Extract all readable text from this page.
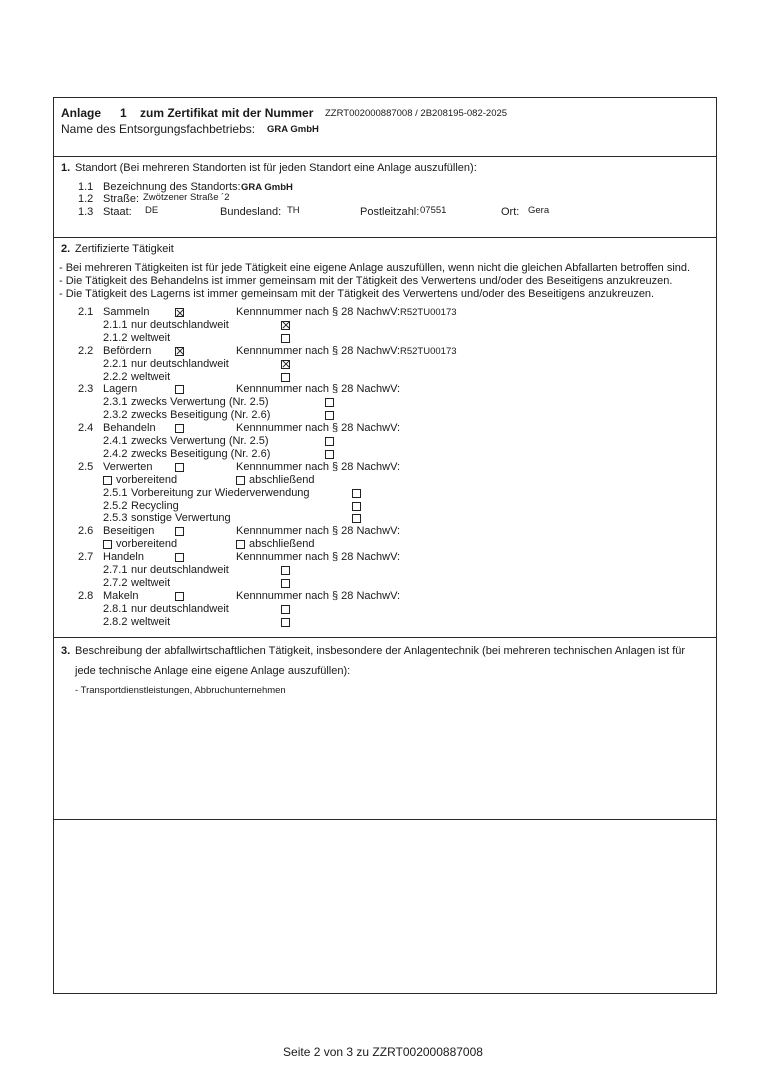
Anlage 1 zum Zertifikat mit der Nummer ZZRT002000887008 / 2B208195-082-2025
Name des Entsorgungsfachbetriebs: GRA GmbH
1. Standort (Bei mehreren Standorten ist für jeden Standort eine Anlage auszufüllen):
1.1 Bezeichnung des Standorts: GRA GmbH
1.2 Straße: Zwötzener Straße ´2
1.3 Staat: DE	Bundesland: TH	Postleitzahl: 07551	Ort: Gera
2. Zertifizierte Tätigkeit
- Bei mehreren Tätigkeiten ist für jede Tätigkeit eine eigene Anlage auszufüllen, wenn nicht die gleichen Abfallarten betroffen sind.
- Die Tätigkeit des Behandelns ist immer gemeinsam mit der Tätigkeit des Verwertens und/oder des Beseitigens anzukreuzen.
- Die Tätigkeit des Lagerns ist immer gemeinsam mit der Tätigkeit des Verwertens und/oder des Beseitigens anzukreuzen.
2.1 Sammeln	Kennnummer nach § 28 NachwV: R52TU00173
2.1.1 nur deutschlandweit
2.1.2 weltweit
2.2 Befördern	Kennnummer nach § 28 NachwV: R52TU00173
2.2.1 nur deutschlandweit
2.2.2 weltweit
2.3 Lagern	Kennnummer nach § 28 NachwV:
2.3.1 zwecks Verwertung (Nr. 2.5)
2.3.2 zwecks Beseitigung (Nr. 2.6)
2.4 Behandeln	Kennnummer nach § 28 NachwV:
2.4.1 zwecks Verwertung (Nr. 2.5)
2.4.2 zwecks Beseitigung (Nr. 2.6)
2.5 Verwerten	Kennnummer nach § 28 NachwV:
vorbereitend	abschließend
2.5.1 Vorbereitung zur Wiederverwendung
2.5.2 Recycling
2.5.3 sonstige Verwertung
2.6 Beseitigen	Kennnummer nach § 28 NachwV:
vorbereitend	abschließend
2.7 Handeln	Kennnummer nach § 28 NachwV:
2.7.1 nur deutschlandweit
2.7.2 weltweit
2.8 Makeln	Kennnummer nach § 28 NachwV:
2.8.1 nur deutschlandweit
2.8.2 weltweit
3. Beschreibung der abfallwirtschaftlichen Tätigkeit, insbesondere der Anlagentechnik (bei mehreren technischen Anlagen ist für
jede technische Anlage eine eigene Anlage auszufüllen):
- Transportdienstleistungen, Abbruchunternehmen
Seite 2 von 3 zu ZZRT002000887008
